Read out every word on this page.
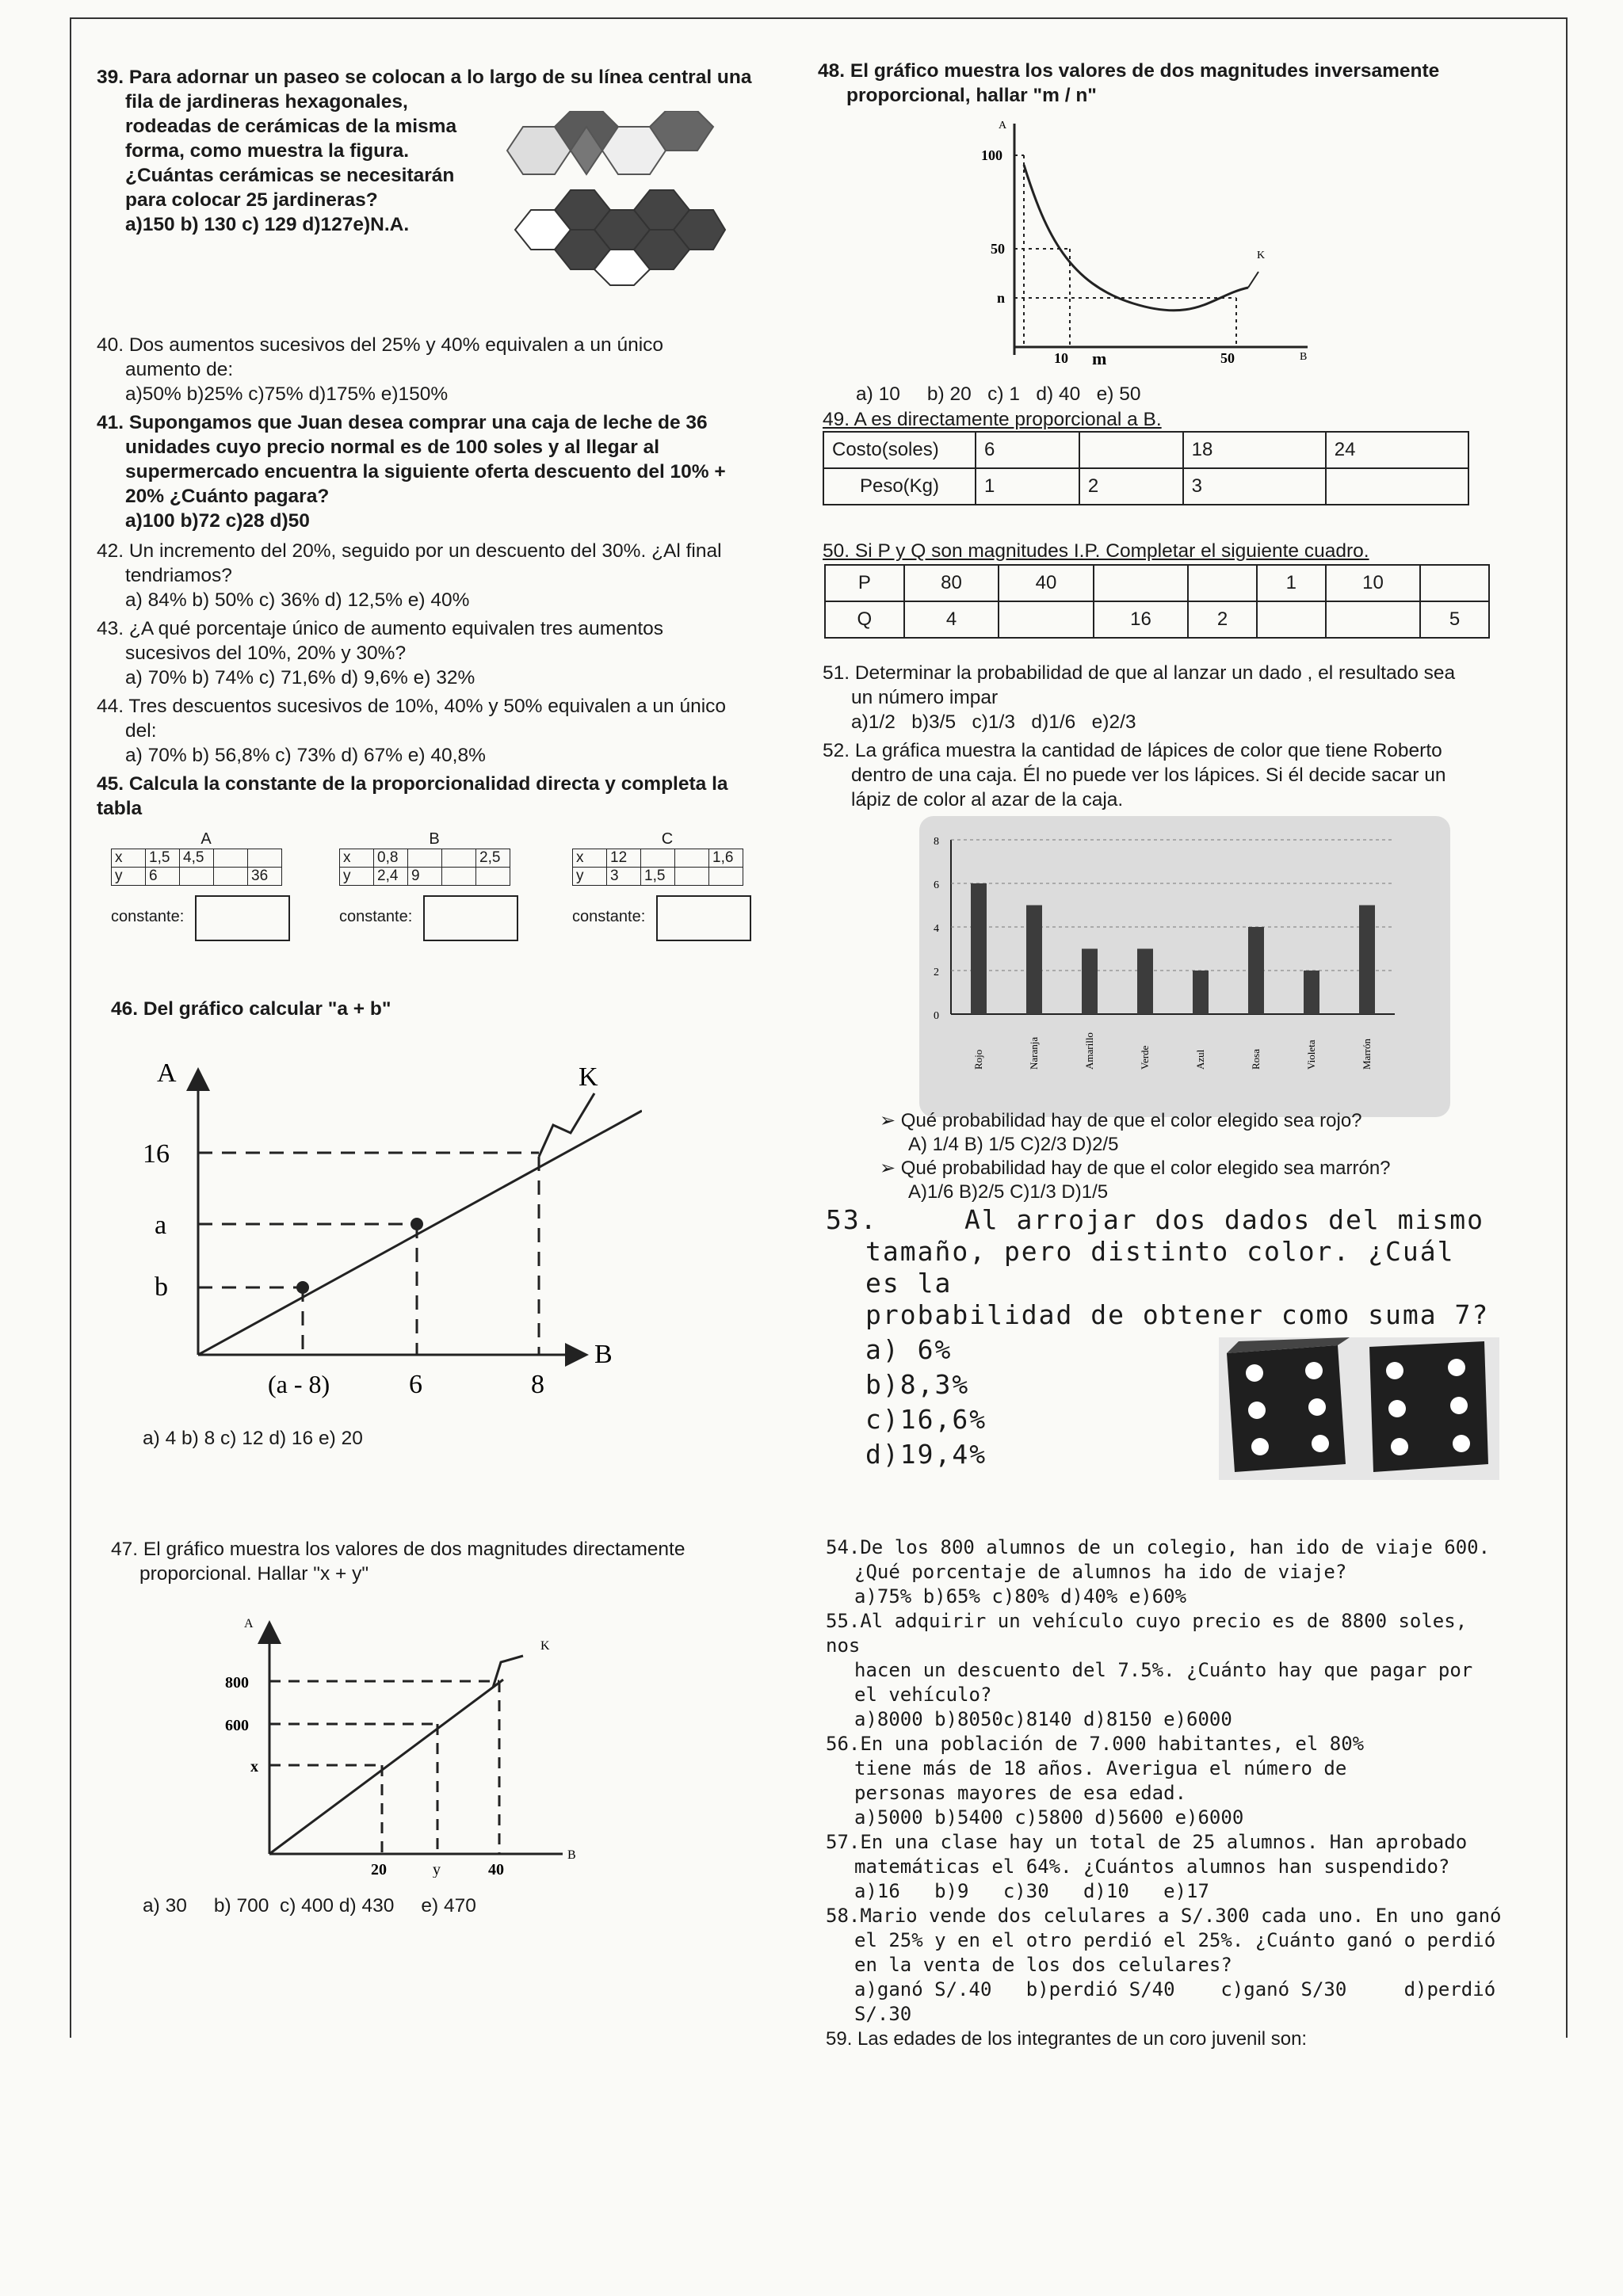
39. Para adornar un paseo se colocan a lo largo de su línea central una

fila de jardineras hexagonales,

rodeadas de cerámicas de la misma

forma, como muestra la figura.

¿Cuántas cerámicas se necesitarán

para colocar 25 jardineras?

a)150 b) 130 c) 129 d)127e)N.A.

40. Dos aumentos sucesivos del 25% y 40% equivalen a un único

aumento de:

a)50% b)25% c)75% d)175% e)150%

41. Supongamos que Juan desea comprar una caja de leche de 36

unidades cuyo precio normal es de 100 soles y al llegar al

supermercado encuentra la siguiente oferta descuento del 10% +

20% ¿Cuánto pagara?

a)100 b)72 c)28 d)50

42. Un incremento del 20%, seguido por un descuento del 30%. ¿Al final

tendriamos?

a) 84% b) 50% c) 36% d) 12,5% e) 40%

43. ¿A qué porcentaje único de aumento equivalen tres aumentos

sucesivos del 10%, 20% y 30%?

a) 70% b) 74% c) 71,6% d) 9,6% e) 32%

44. Tres descuentos sucesivos de 10%, 40% y 50% equivalen a un único

del:

a) 70% b) 56,8% c) 73% d) 67% e) 40,8%

45. Calcula la constante de la proporcionalidad directa y completa la tabla

A
x	1,5	4,5		
y	6			36
constante:
B
x	0,8			2,5
y	2,4	9		
constante:
C
x	12			1,6
y	3	1,5		
constante:

46. Del gráfico calcular "a + b"

A	K
B
16
a
b
(a - 8)	6	8
a) 4 b) 8 c) 12 d) 16 e) 20

47. El gráfico muestra los valores de dos magnitudes directamente

proporcional. Hallar "x + y"

A
K
B
800
600
x
20	y	40
a) 30     b) 700  c) 400 d) 430     e) 470

48. El gráfico muestra los valores de dos magnitudes inversamente

proporcional, hallar "m / n"

A
K
B
100
50
n
10 m	50
a) 10     b) 20   c) 1   d) 40   e) 50
49. A es directamente proporcional a B.
Costo(soles)	6		18	24
Peso(Kg)	1	2	3	
50. Si P y Q son magnitudes I.P. Completar el siguiente cuadro.
P	80	40			1	10	
Q	4		16	2			5

51. Determinar la probabilidad de que al lanzar un dado , el resultado sea

un número impar

a)1/2   b)3/5   c)1/3   d)1/6   e)2/3

52. La gráfica muestra la cantidad de lápices de color que tiene Roberto

dentro de una caja. Él no puede ver los lápices. Si él decide sacar un

lápiz de color al azar de la caja.

0
2
4
6
8
Rojo	Naranja	Amarillo	Verde	Azul	Rosa	Violeta	Marrón

➢ Qué probabilidad hay de que el color elegido sea rojo?

A) 1/4 B) 1/5 C)2/3 D)2/5

➢ Qué probabilidad hay de que el color elegido sea marrón?

A)1/6 B)2/5 C)1/3 D)1/5

53.     Al arrojar dos dados del mismo

tamaño, pero distinto color. ¿Cuál es la

probabilidad de obtener como suma 7?

a) 6%

b)8,3%

c)16,6%

d)19,4%

54.De los 800 alumnos de un colegio, han ido de viaje 600.

¿Qué porcentaje de alumnos ha ido de viaje?

a)75% b)65% c)80% d)40% e)60%

55.Al adquirir un vehículo cuyo precio es de 8800 soles, nos

hacen un descuento del 7.5%. ¿Cuánto hay que pagar por

el vehículo?

a)8000 b)8050c)8140 d)8150 e)6000

56.En una población de 7.000 habitantes, el 80%

tiene más de 18 años. Averigua el número de

personas mayores de esa edad.

a)5000 b)5400 c)5800 d)5600 e)6000

57.En una clase hay un total de 25 alumnos. Han aprobado

matemáticas el 64%. ¿Cuántos alumnos han suspendido?

a)16   b)9   c)30   d)10   e)17

58.Mario vende dos celulares a S/.300 cada uno. En uno ganó

el 25% y en el otro perdió el 25%. ¿Cuánto ganó o perdió

en la venta de los dos celulares?

a)ganó S/.40   b)perdió S/40    c)ganó S/30     d)perdió

S/.30

59. Las edades de los integrantes de un coro juvenil son:
